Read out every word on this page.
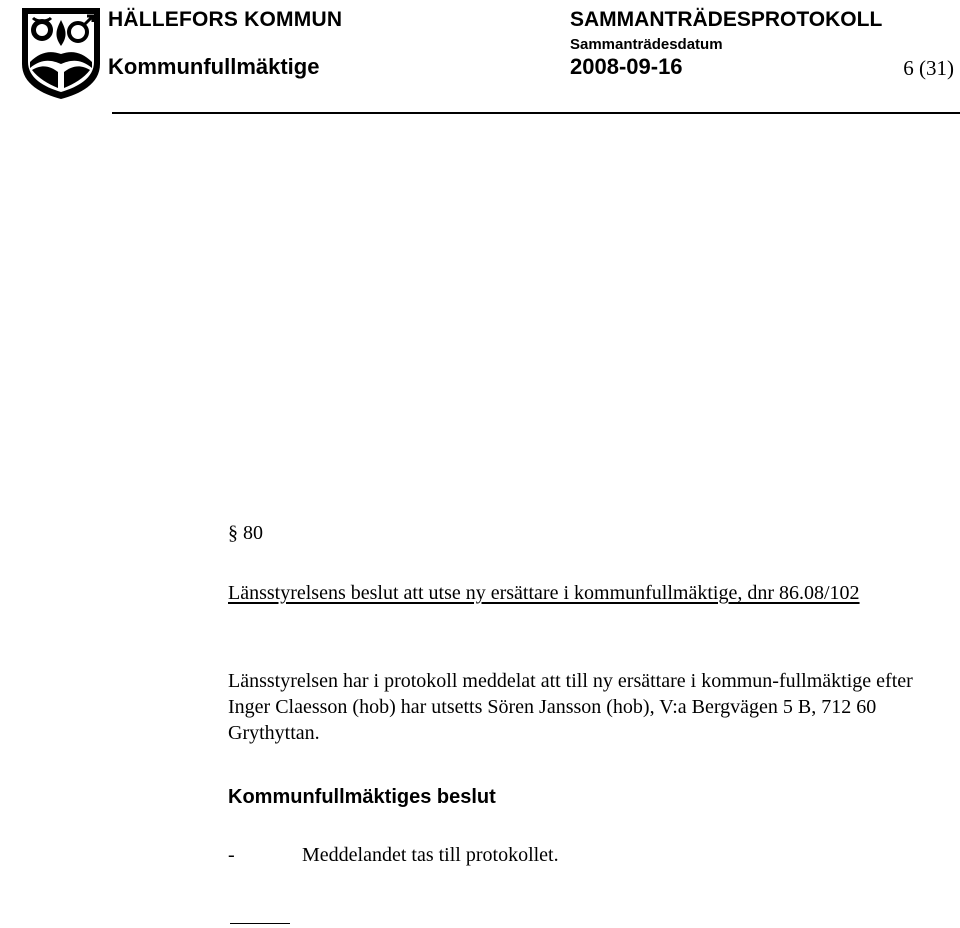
HÄLLEFORS KOMMUN
Kommunfullmäktige
SAMMANTRÄDESPROTOKOLL
Sammanträdesdatum
2008-09-16	6 (31)
§ 80
Länsstyrelsens beslut att utse ny ersättare i kommunfullmäktige, dnr 86.08/102
Länsstyrelsen har i protokoll meddelat att till ny ersättare i kommun-fullmäktige efter Inger Claesson (hob) har utsetts Sören Jansson (hob), V:a Bergvägen 5 B, 712 60 Grythyttan.
Kommunfullmäktiges beslut
-	Meddelandet tas till protokollet.
